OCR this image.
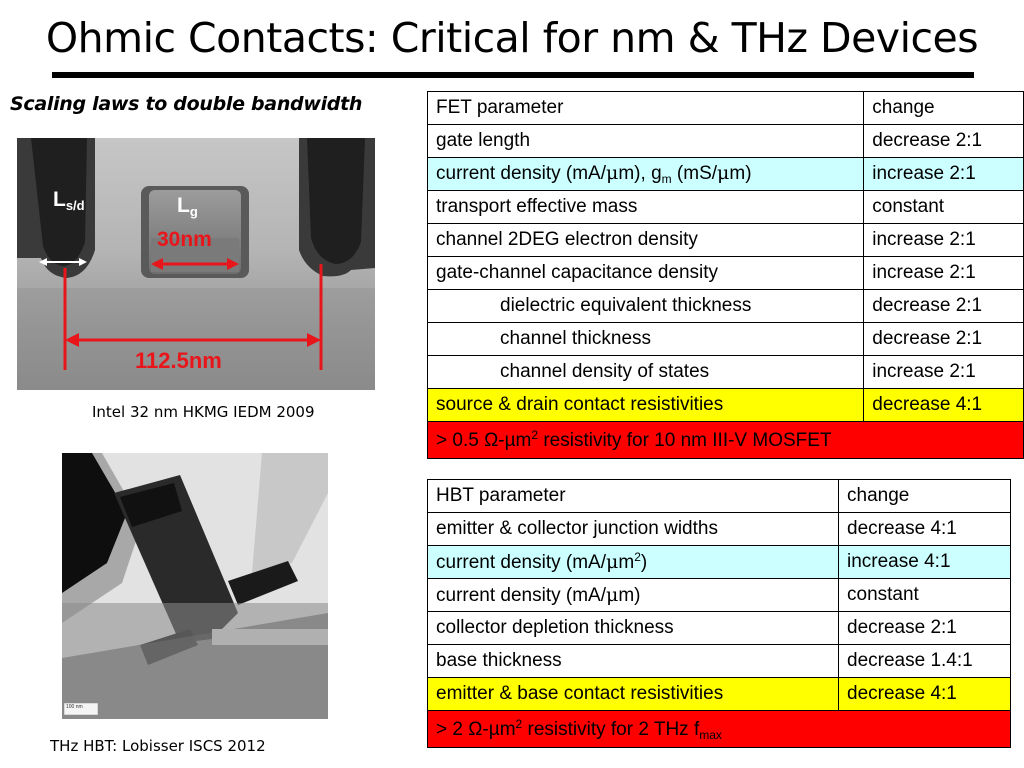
Ohmic Contacts: Critical for nm & THz Devices
Scaling laws to double bandwidth
$L_{s/d}$	$L_g$
30nm
112.5nm
Intel 32 nm HKMG IEDM 2009
100 nm
THz HBT: Lobisser ISCS 2012
FET parameter	change
gate length	decrease 2:1
current density (mA/μm), $g_m$ (mS/μm)	increase 2:1
transport effective mass	constant
channel 2DEG electron density	increase 2:1
gate-channel capacitance density	increase 2:1
dielectric equivalent thickness	decrease 2:1
channel thickness	decrease 2:1
channel density of states	increase 2:1
source & drain contact resistivities	decrease 4:1
> 0.5 Ω-µm$^2$ resistivity for 10 nm III-V MOSFET	
HBT parameter	change
emitter & collector junction widths	decrease 4:1
current density $(mA/\mu m^2)$	increase 4:1
current density (mA/μm)	constant
collector depletion thickness	decrease 2:1
base thickness	decrease 1.4:1
emitter & base contact resistivities	decrease 4:1
> 2 Ω-µm$^2$ resistivity for 2 THz $f_{max}$
